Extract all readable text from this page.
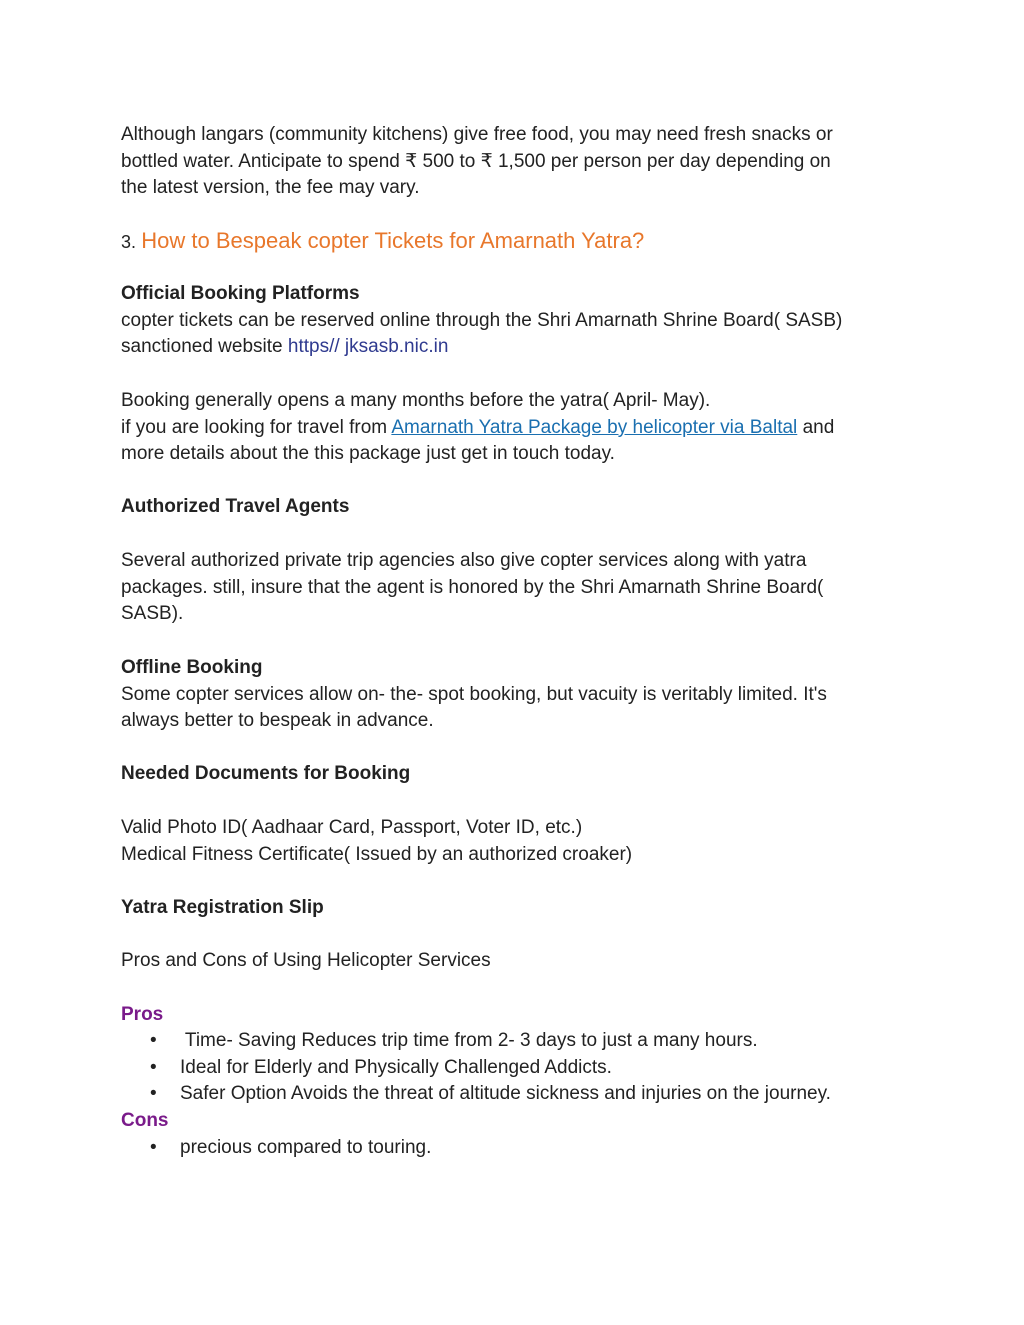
Although langars (community kitchens) give free food, you may need fresh snacks or
bottled water. Anticipate to spend ₹ 500 to ₹ 1,500 per person per day depending on
the latest version, the fee may vary.

3. How to Bespeak copter Tickets for Amarnath Yatra?

Official Booking Platforms
copter tickets can be reserved online through the Shri Amarnath Shrine Board( SASB)
sanctioned website https// jksasb.nic.in

Booking generally opens a many months before the yatra( April- May).
if you are looking for travel from Amarnath Yatra Package by helicopter via Baltal and
more details about the this package just get in touch today.

Authorized Travel Agents

Several authorized private trip agencies also give copter services along with yatra
packages. still, insure that the agent is honored by the Shri Amarnath Shrine Board(
SASB).

Offline Booking
Some copter services allow on- the- spot booking, but vacuity is veritably limited. It's
always better to bespeak in advance.

Needed Documents for Booking

Valid Photo ID( Aadhaar Card, Passport, Voter ID, etc.)
Medical Fitness Certificate( Issued by an authorized croaker)

Yatra Registration Slip

Pros and Cons of Using Helicopter Services

Pros

• Time- Saving Reduces trip time from 2- 3 days to just a many hours.
• Ideal for Elderly and Physically Challenged Addicts.
• Safer Option Avoids the threat of altitude sickness and injuries on the journey.

Cons

• precious compared to touring.
